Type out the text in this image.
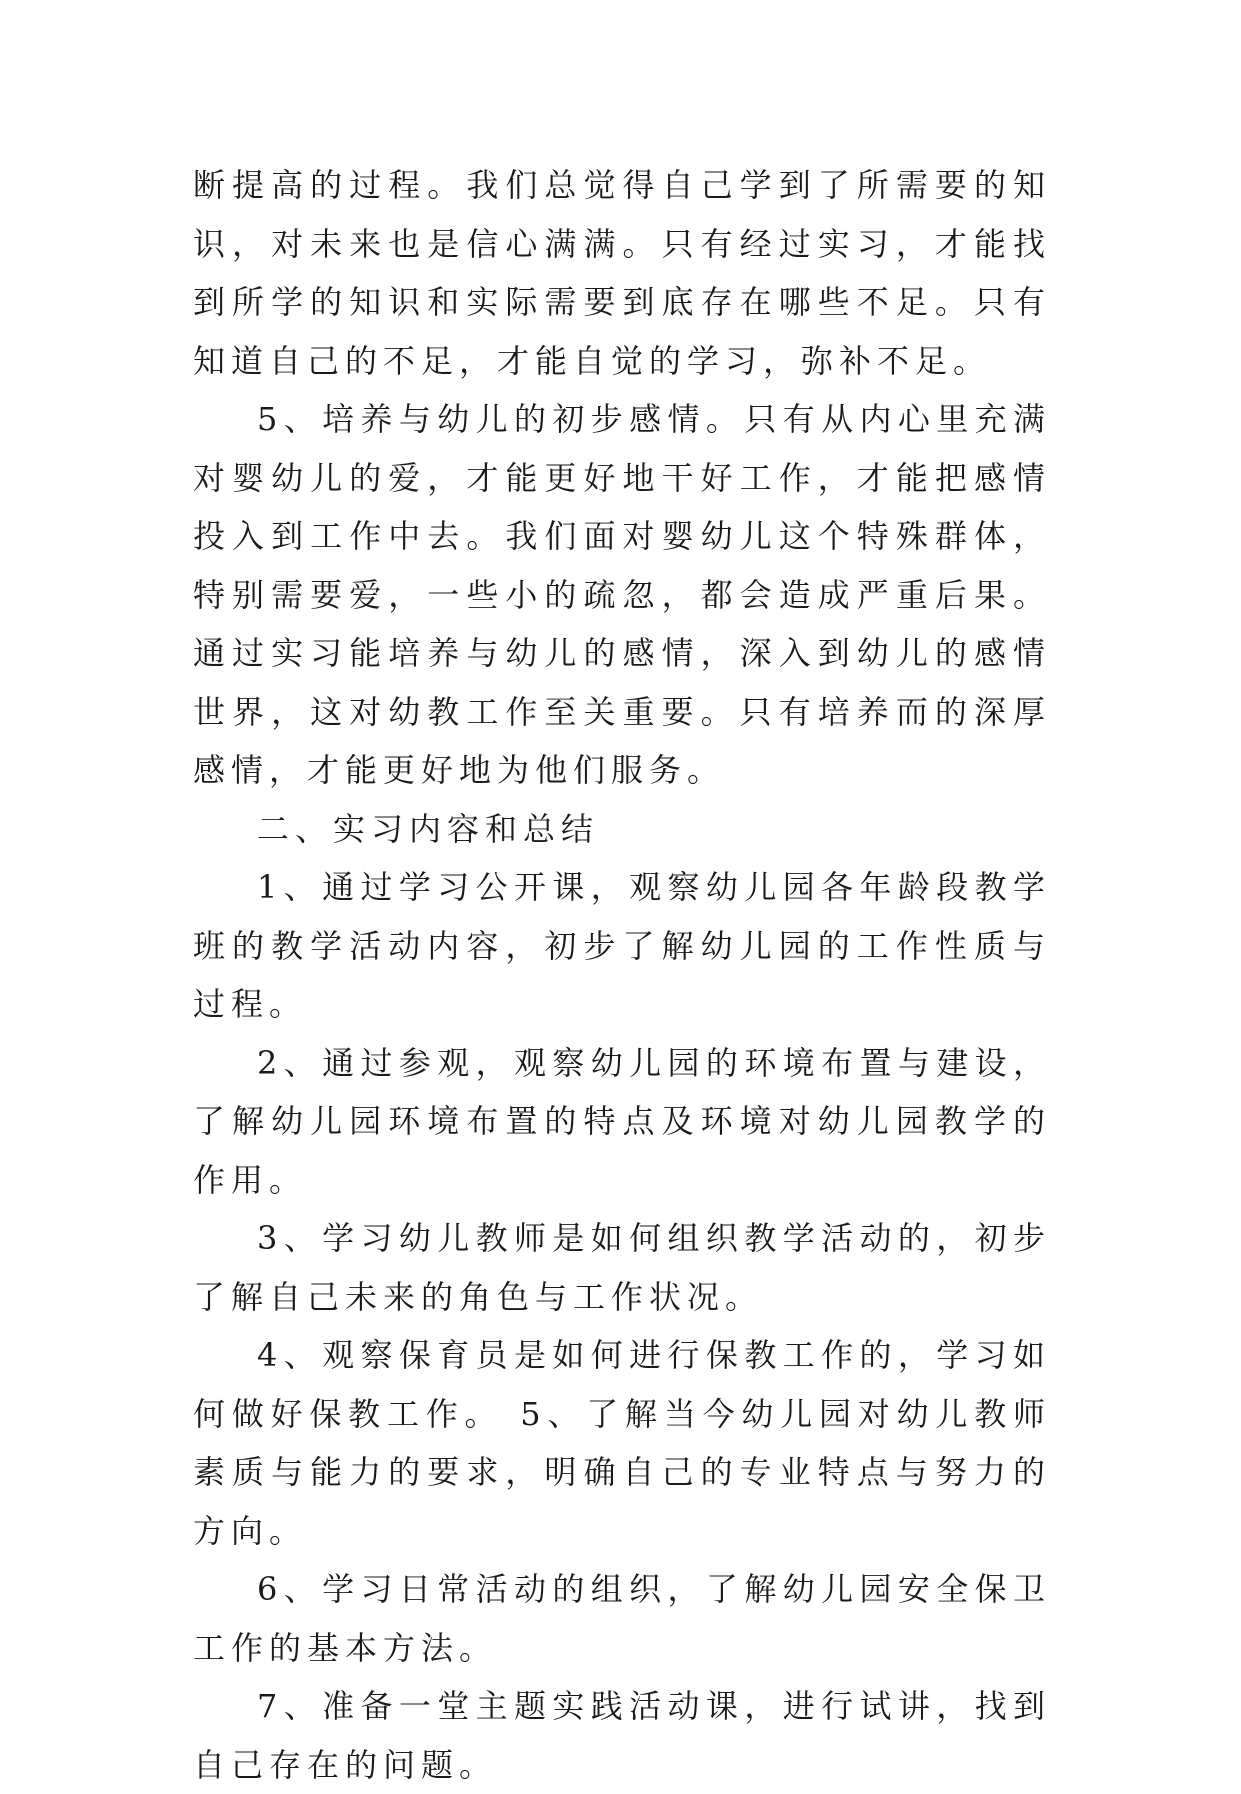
断提高的过程。我们总觉得自己学到了所需要的知识，对未来也是信心满满。只有经过实习，才能找到所学的知识和实际需要到底存在哪些不足。只有知道自己的不足，才能自觉的学习，弥补不足。

5、培养与幼儿的初步感情。只有从内心里充满对婴幼儿的爱，才能更好地干好工作，才能把感情投入到工作中去。我们面对婴幼儿这个特殊群体，特别需要爱，一些小的疏忽，都会造成严重后果。通过实习能培养与幼儿的感情，深入到幼儿的感情世界，这对幼教工作至关重要。只有培养而的深厚感情，才能更好地为他们服务。

二、实习内容和总结

1、通过学习公开课，观察幼儿园各年龄段教学班的教学活动内容，初步了解幼儿园的工作性质与过程。

2、通过参观，观察幼儿园的环境布置与建设，了解幼儿园环境布置的特点及环境对幼儿园教学的作用。

3、学习幼儿教师是如何组织教学活动的，初步了解自己未来的角色与工作状况。

4、观察保育员是如何进行保教工作的，学习如何做好保教工作。 5、了解当今幼儿园对幼儿教师素质与能力的要求，明确自己的专业特点与努力的方向。

6、学习日常活动的组织，了解幼儿园安全保卫工作的基本方法。

7、准备一堂主题实践活动课，进行试讲，找到自己存在的问题。
